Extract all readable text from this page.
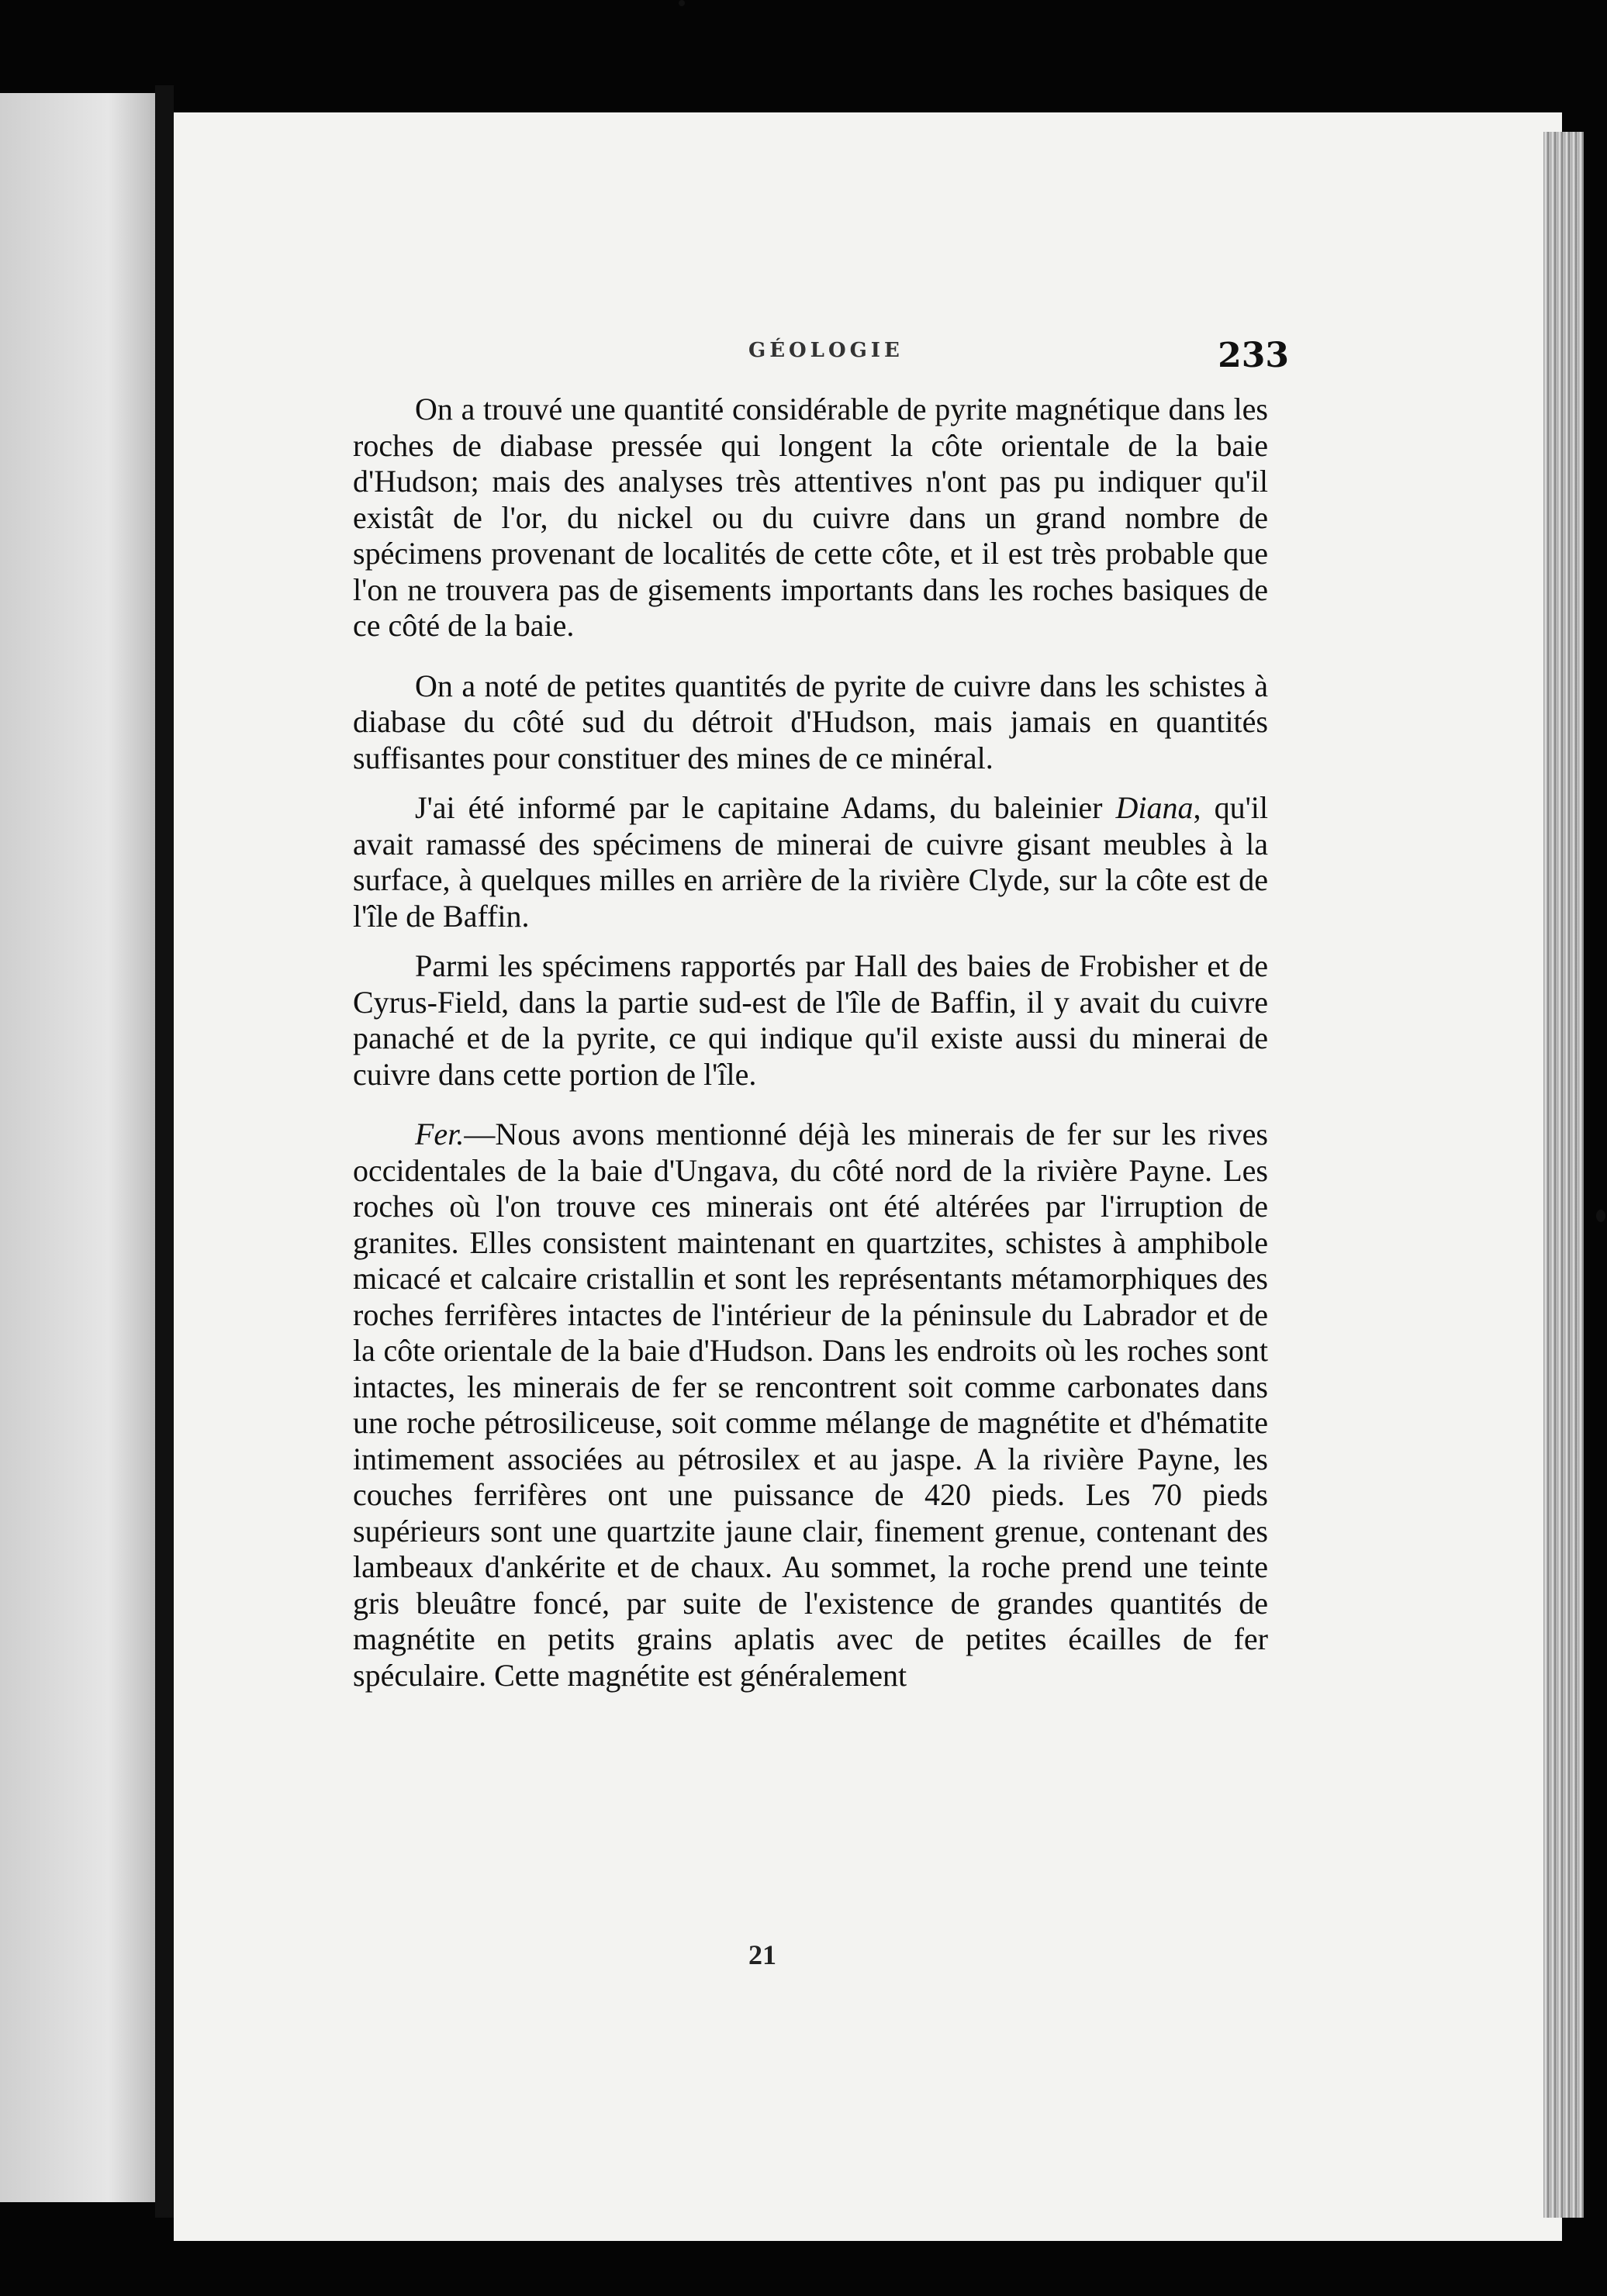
GÉOLOGIE	233

On a trouvé une quantité considérable de pyrite magnétique dans les roches de diabase pressée qui longent la côte orientale de la baie d'Hudson; mais des analyses très attentives n'ont pas pu indiquer qu'il existât de l'or, du nickel ou du cuivre dans un grand nombre de spécimens provenant de localités de cette côte, et il est très probable que l'on ne trouvera pas de gisements importants dans les roches basiques de ce côté de la baie.

On a noté de petites quantités de pyrite de cuivre dans les schistes à diabase du côté sud du détroit d'Hudson, mais jamais en quantités suffisantes pour constituer des mines de ce minéral.

J'ai été informé par le capitaine Adams, du baleinier Diana, qu'il avait ramassé des spécimens de minerai de cuivre gisant meubles à la surface, à quelques milles en arrière de la rivière Clyde, sur la côte est de l'île de Baffin.

Parmi les spécimens rapportés par Hall des baies de Frobisher et de Cyrus-Field, dans la partie sud-est de l'île de Baffin, il y avait du cuivre panaché et de la pyrite, ce qui indique qu'il existe aussi du minerai de cuivre dans cette portion de l'île.

Fer.—Nous avons mentionné déjà les minerais de fer sur les rives occidentales de la baie d'Ungava, du côté nord de la rivière Payne. Les roches où l'on trouve ces minerais ont été altérées par l'irruption de granites. Elles consistent maintenant en quartzites, schistes à amphibole micacé et calcaire cristallin et sont les représentants métamorphiques des roches ferrifères intactes de l'intérieur de la péninsule du Labrador et de la côte orientale de la baie d'Hudson. Dans les endroits où les roches sont intactes, les minerais de fer se rencontrent soit comme carbonates dans une roche pétrosiliceuse, soit comme mélange de magnétite et d'hématite intimement associées au pétrosilex et au jaspe. A la rivière Payne, les couches ferrifères ont une puissance de 420 pieds. Les 70 pieds supérieurs sont une quartzite jaune clair, finement grenue, contenant des lambeaux d'ankérite et de chaux. Au sommet, la roche prend une teinte gris bleuâtre foncé, par suite de l'existence de grandes quantités de magnétite en petits grains aplatis avec de petites écailles de fer spéculaire. Cette magnétite est généralement

21
